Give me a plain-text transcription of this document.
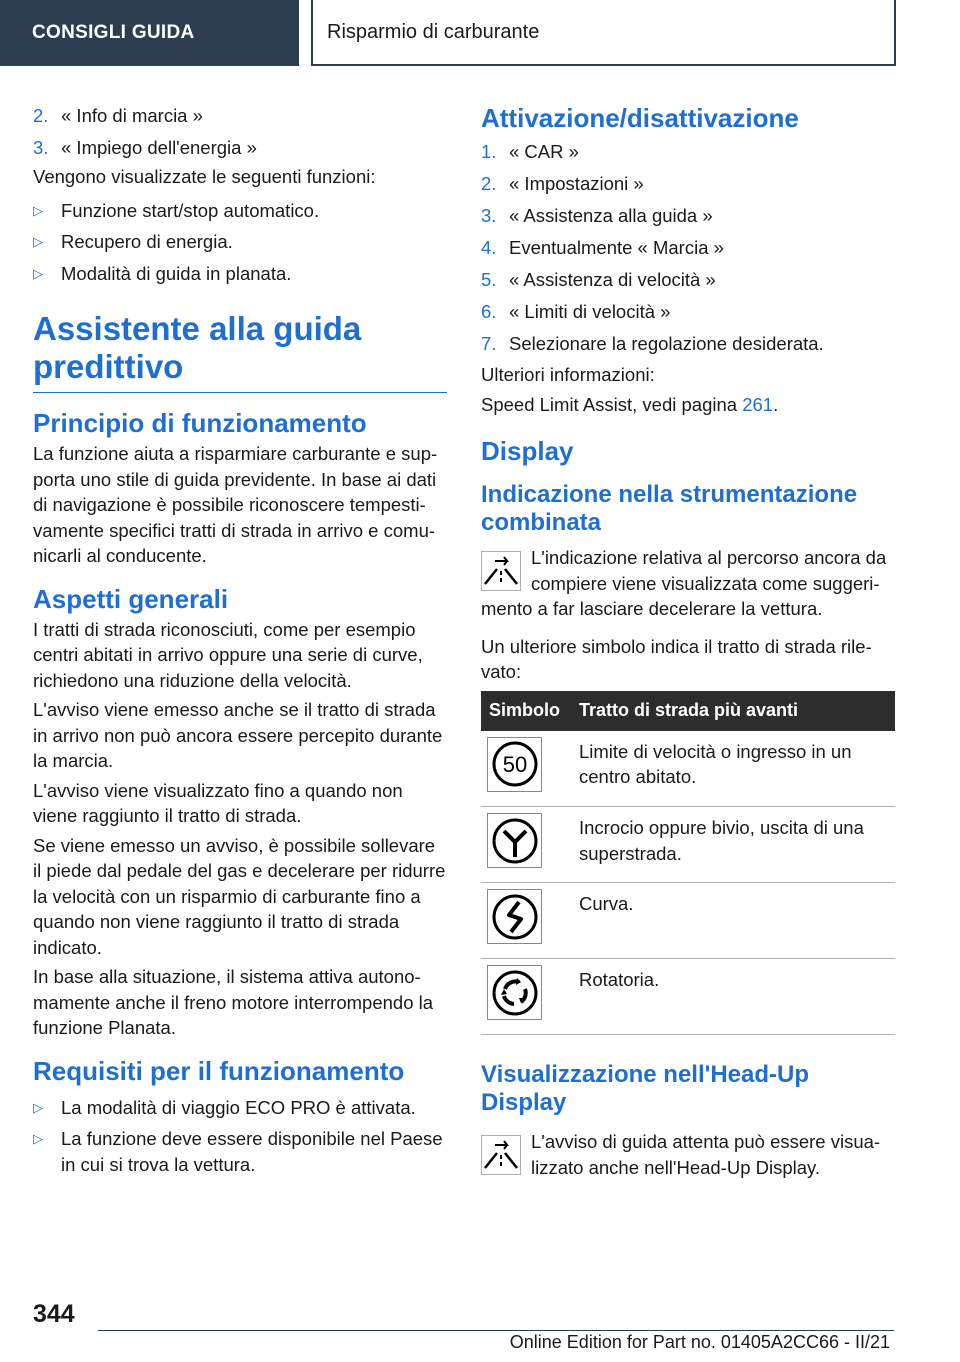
CONSIGLI GUIDA	Risparmio di carburante
2. « Info di marcia »
3. « Impiego dell'energia »

Vengono visualizzate le seguenti funzioni:

▷
Funzione start/stop automatico.
▷
Recupero di energia.
▷
Modalità di guida in planata.
Assistente alla guida predittivo
Principio di funzionamento

La funzione aiuta a risparmiare carburante e supporta uno stile di guida previdente. In base ai dati di navigazione è possibile riconoscere tempestivamente specifici tratti di strada in arrivo e comunicarli al conducente.

Aspetti generali

I tratti di strada riconosciuti, come per esempio centri abitati in arrivo oppure una serie di curve, richiedono una riduzione della velocità.

L'avviso viene emesso anche se il tratto di strada in arrivo non può ancora essere percepito durante la marcia.

L'avviso viene visualizzato fino a quando non viene raggiunto il tratto di strada.

Se viene emesso un avviso, è possibile sollevare il piede dal pedale del gas e decelerare per ridurre la velocità con un risparmio di carburante fino a quando non viene raggiunto il tratto di strada indicato.

In base alla situazione, il sistema attiva autonomamente anche il freno motore interrompendo la funzione Planata.

Requisiti per il funzionamento
▷
La modalità di viaggio ECO PRO è attivata.
▷
La funzione deve essere disponibile nel Paese in cui si trova la vettura.
Attivazione/disattivazione
1. « CAR »
2. « Impostazioni »
3. « Assistenza alla guida »
4. Eventualmente « Marcia »
5. « Assistenza di velocità »
6. « Limiti di velocità »
7. Selezionare la regolazione desiderata.

Ulteriori informazioni:

Speed Limit Assist, vedi pagina 261.

Display
Indicazione nella strumentazione combinata
L'indicazione relativa al percorso ancora da compiere viene visualizzata come suggerimento a far lasciare decelerare la vettura.

Un ulteriore simbolo indica il tratto di strada rilevato:

Simbolo	Tratto di strada più avanti

50	Limite di velocità o ingresso in un centro abitato.

	Incrocio oppure bivio, uscita di una superstrada.

	Curva.

	Rotatoria.
Visualizzazione nell'Head-Up Display
L'avviso di guida attenta può essere visualizzato anche nell'Head-Up Display.
344
Online Edition for Part no. 01405A2CC66 - II/21
